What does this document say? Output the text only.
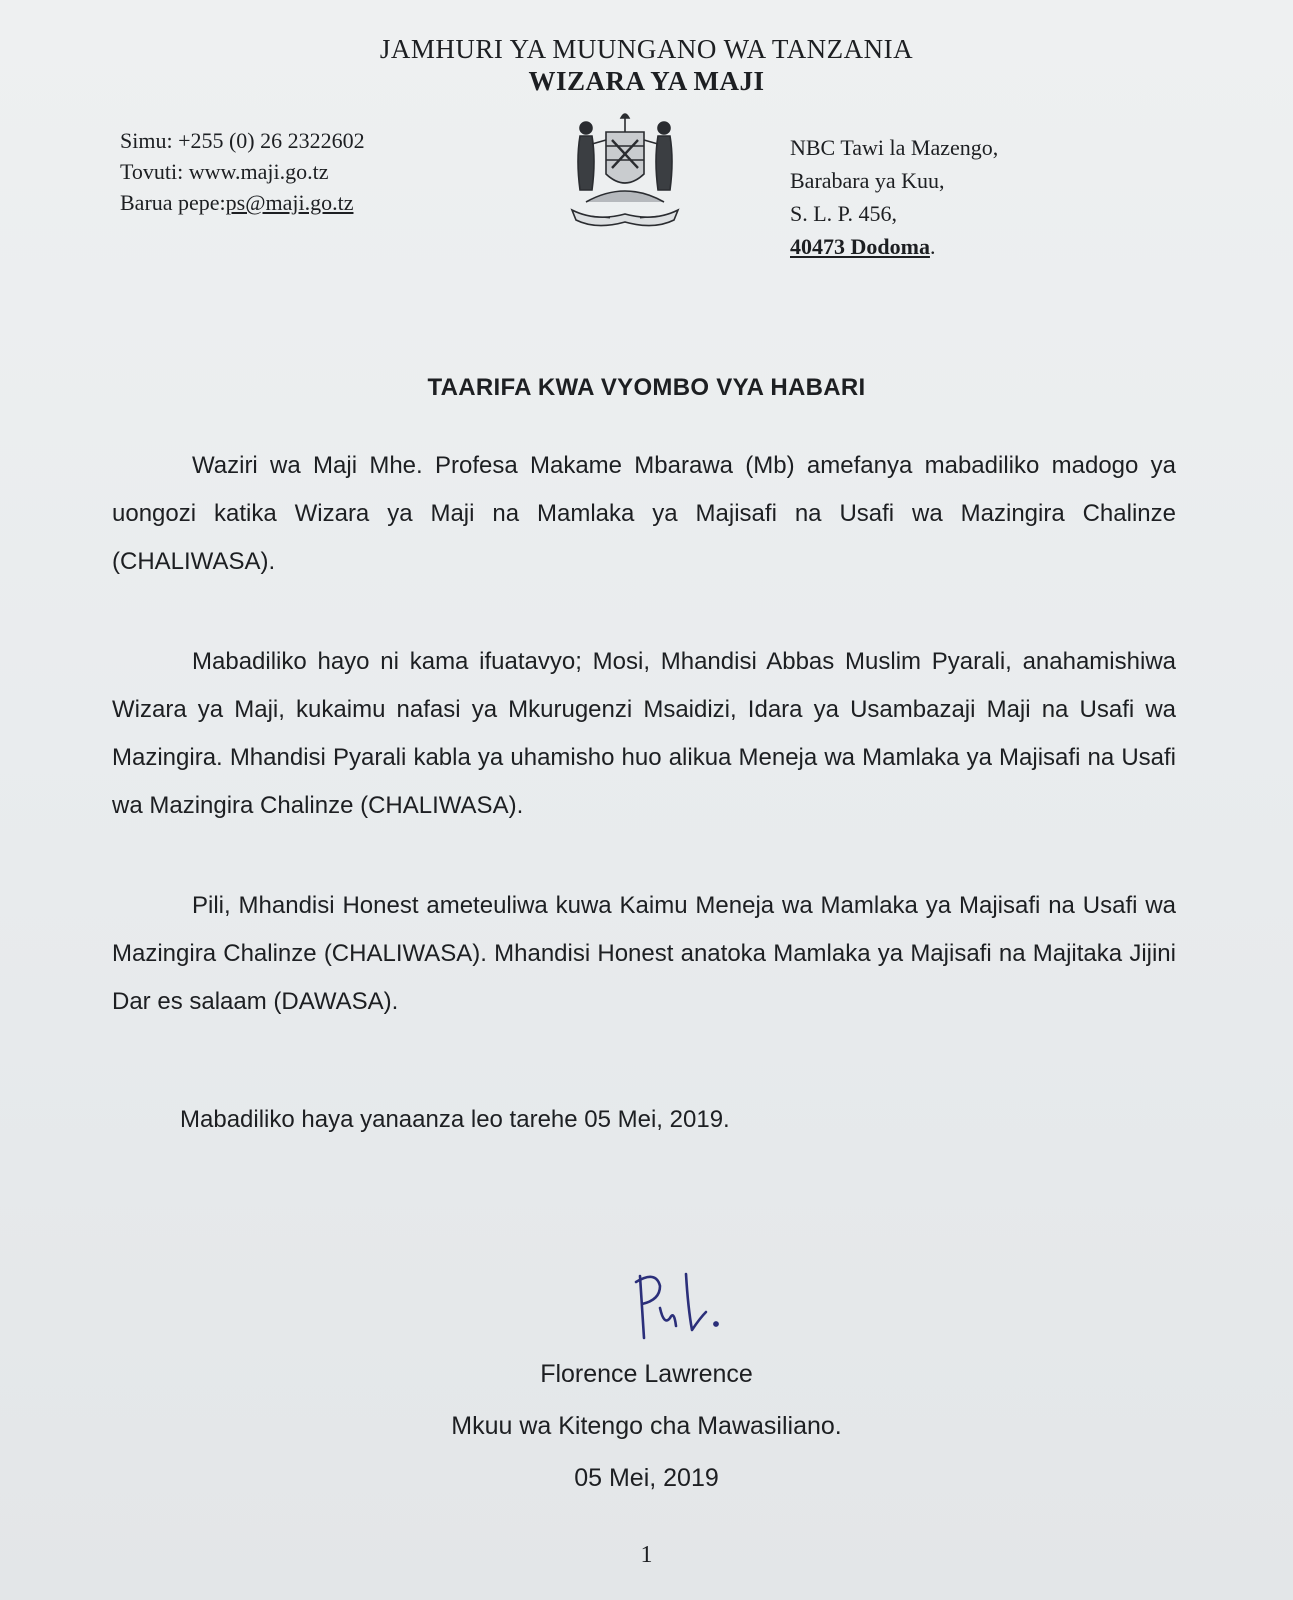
JAMHURI YA MUUNGANO WA TANZANIA
WIZARA YA MAJI
Simu: +255 (0) 26 2322602
Tovuti: www.maji.go.tz
Barua pepe:ps@maji.go.tz
NBC Tawi la Mazengo,
Barabara ya Kuu,
S. L. P. 456,
40473 Dodoma.
TAARIFA KWA VYOMBO VYA HABARI
Waziri wa Maji Mhe. Profesa Makame Mbarawa (Mb) amefanya mabadiliko madogo ya uongozi katika Wizara ya Maji na Mamlaka ya Majisafi na Usafi wa Mazingira Chalinze (CHALIWASA).
Mabadiliko hayo ni kama ifuatavyo; Mosi, Mhandisi Abbas Muslim Pyarali, anahamishiwa Wizara ya Maji, kukaimu nafasi ya Mkurugenzi Msaidizi, Idara ya Usambazaji Maji na Usafi wa Mazingira. Mhandisi Pyarali kabla ya uhamisho huo alikua Meneja wa Mamlaka ya Majisafi na Usafi wa Mazingira Chalinze (CHALIWASA).
Pili, Mhandisi Honest ameteuliwa kuwa Kaimu Meneja wa Mamlaka ya Majisafi na Usafi wa Mazingira Chalinze (CHALIWASA). Mhandisi Honest anatoka Mamlaka ya Majisafi na Majitaka Jijini Dar es salaam (DAWASA).
Mabadiliko haya yanaanza leo tarehe 05 Mei, 2019.
Florence Lawrence
Mkuu wa Kitengo cha Mawasiliano.
05 Mei, 2019
1
